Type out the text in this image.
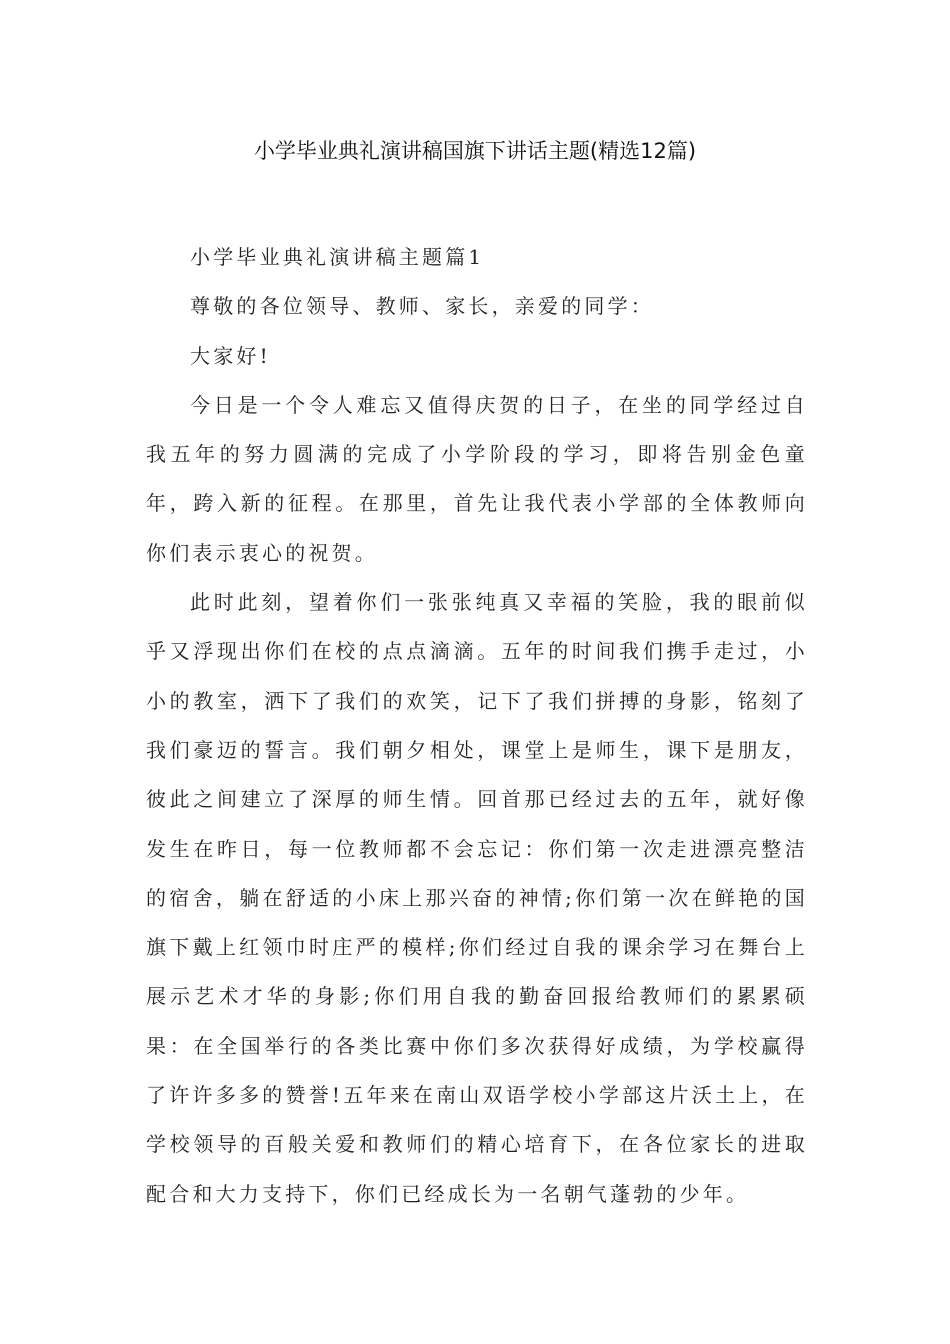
小学毕业典礼演讲稿国旗下讲话主题(精选12篇)

小学毕业典礼演讲稿主题篇1

尊敬的各位领导、教师、家长，亲爱的同学：

大家好!

今日是一个令人难忘又值得庆贺的日子，在坐的同学经过自我五年的努力圆满的完成了小学阶段的学习，即将告别金色童年，跨入新的征程。在那里，首先让我代表小学部的全体教师向你们表示衷心的祝贺。

此时此刻，望着你们一张张纯真又幸福的笑脸，我的眼前似乎又浮现出你们在校的点点滴滴。五年的时间我们携手走过，小小的教室，洒下了我们的欢笑，记下了我们拼搏的身影，铭刻了我们豪迈的誓言。我们朝夕相处，课堂上是师生，课下是朋友，彼此之间建立了深厚的师生情。回首那已经过去的五年，就好像发生在昨日，每一位教师都不会忘记：你们第一次走进漂亮整洁的宿舍，躺在舒适的小床上那兴奋的神情;你们第一次在鲜艳的国旗下戴上红领巾时庄严的模样;你们经过自我的课余学习在舞台上展示艺术才华的身影;你们用自我的勤奋回报给教师们的累累硕果：在全国举行的各类比赛中你们多次获得好成绩，为学校赢得了许许多多的赞誉!五年来在南山双语学校小学部这片沃土上，在学校领导的百般关爱和教师们的精心培育下，在各位家长的进取配合和大力支持下，你们已经成长为一名朝气蓬勃的少年。
